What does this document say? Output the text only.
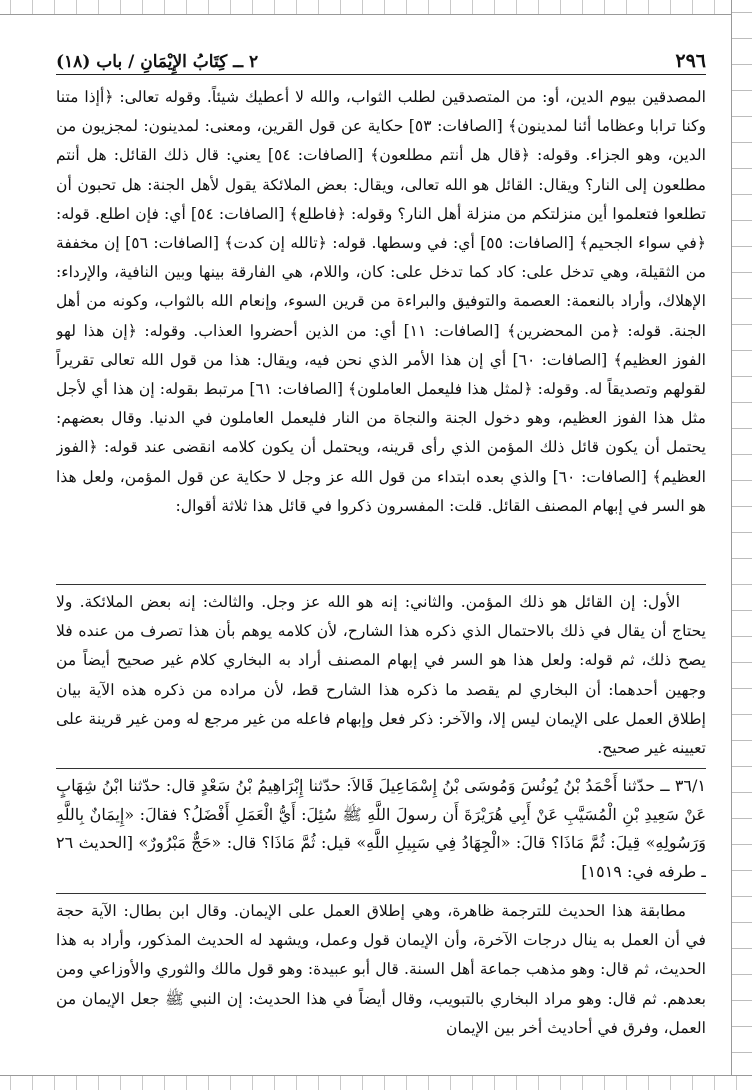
٢٩٦
٢ ــ كِتَابُ الإِيْمَانِ / باب (١٨)

المصدقين بيوم الدين، أو: من المتصدقين لطلب الثواب، والله لا أعطيك شيئاً. وقوله تعالى: ﴿أإذا متنا وكنا ترابا وعظاما أئنا لمدينون﴾ [الصافات: ٥٣] حكاية عن قول القرين، ومعنى: لمدينون: لمجزيون من الدين، وهو الجزاء. وقوله: ﴿قال هل أنتم مطلعون﴾ [الصافات: ٥٤] يعني: قال ذلك القائل: هل أنتم مطلعون إلى النار؟ ويقال: القائل هو الله تعالى، ويقال: بعض الملائكة يقول لأهل الجنة: هل تحبون أن تطلعوا فتعلموا أين منزلتكم من منزلة أهل النار؟ وقوله: ﴿فاطلع﴾ [الصافات: ٥٤] أي: فإن اطلع. قوله: ﴿في سواء الجحيم﴾ [الصافات: ٥٥] أي: في وسطها. قوله: ﴿تالله إن كدت﴾ [الصافات: ٥٦] إن مخففة من الثقيلة، وهي تدخل على: كاد كما تدخل على: كان، واللام، هي الفارقة بينها وبين النافية، والإرداء: الإهلاك، وأراد بالنعمة: العصمة والتوفيق والبراءة من قرين السوء، وإنعام الله بالثواب، وكونه من أهل الجنة. قوله: ﴿من المحضرين﴾ [الصافات: ١١] أي: من الذين أحضروا العذاب. وقوله: ﴿إن هذا لهو الفوز العظيم﴾ [الصافات: ٦٠] أي إن هذا الأمر الذي نحن فيه، ويقال: هذا من قول الله تعالى تقريراً لقولهم وتصديقاً له. وقوله: ﴿لمثل هذا فليعمل العاملون﴾ [الصافات: ٦١] مرتبط بقوله: إن هذا أي لأجل مثل هذا الفوز العظيم، وهو دخول الجنة والنجاة من النار فليعمل العاملون في الدنيا. وقال بعضهم: يحتمل أن يكون قائل ذلك المؤمن الذي رأى قرينه، ويحتمل أن يكون كلامه انقضى عند قوله: ﴿الفوز العظيم﴾ [الصافات: ٦٠] والذي بعده ابتداء من قول الله عز وجل لا حكاية عن قول المؤمن، ولعل هذا هو السر في إبهام المصنف القائل. قلت: المفسرون ذكروا في قائل هذا ثلاثة أقوال:

الأول: إن القائل هو ذلك المؤمن. والثاني: إنه هو الله عز وجل. والثالث: إنه بعض الملائكة. ولا يحتاج أن يقال في ذلك بالاحتمال الذي ذكره هذا الشارح، لأن كلامه يوهم بأن هذا تصرف من عنده فلا يصح ذلك، ثم قوله: ولعل هذا هو السر في إبهام المصنف أراد به البخاري كلام غير صحيح أيضاً من وجهين أحدهما: أن البخاري لم يقصد ما ذكره هذا الشارح قط، لأن مراده من ذكره هذه الآية بيان إطلاق العمل على الإيمان ليس إلا، والآخر: ذكر فعل وإبهام فاعله من غير مرجع له ومن غير قرينة على تعيينه غير صحيح.

٣٦/١ ــ حدّثنا أَحْمَدُ بْنُ يُونُسَ وَمُوسَى بْنُ إِسْمَاعِيلَ قَالاَ: حدّثنا إِبْرَاهِيمُ بْنُ سَعْدٍ قال: حدّثنا ابْنُ شِهَابٍ عَنْ سَعِيدِ بْنِ الْمُسَيَّبِ عَنْ أَبِي هُرَيْرَةَ أَن رسولَ اللَّهِ ﷺ سُئِلَ: أَيُّ الْعَمَلِ أَفْضَلُ؟ فقالَ: «إِيمَانٌ بِاللَّهِ وَرَسُولِهِ» قِيلَ: ثُمَّ مَاذَا؟ قالَ: «الْجِهَادُ فِي سَبِيلِ اللَّهِ» قيل: ثُمَّ مَاذَا؟ قال: «حَجٌّ مَبْرُورٌ» [الحديث ٢٦ ـ طرفه في: ١٥١٩]

مطابقة هذا الحديث للترجمة ظاهرة، وهي إطلاق العمل على الإيمان. وقال ابن بطال: الآية حجة في أن العمل به ينال درجات الآخرة، وأن الإيمان قول وعمل، ويشهد له الحديث المذكور، وأراد به هذا الحديث، ثم قال: وهو مذهب جماعة أهل السنة. قال أبو عبيدة: وهو قول مالك والثوري والأوزاعي ومن بعدهم. ثم قال: وهو مراد البخاري بالتبويب، وقال أيضاً في هذا الحديث: إن النبي ﷺ جعل الإيمان من العمل، وفرق في أحاديث أخر بين الإيمان
